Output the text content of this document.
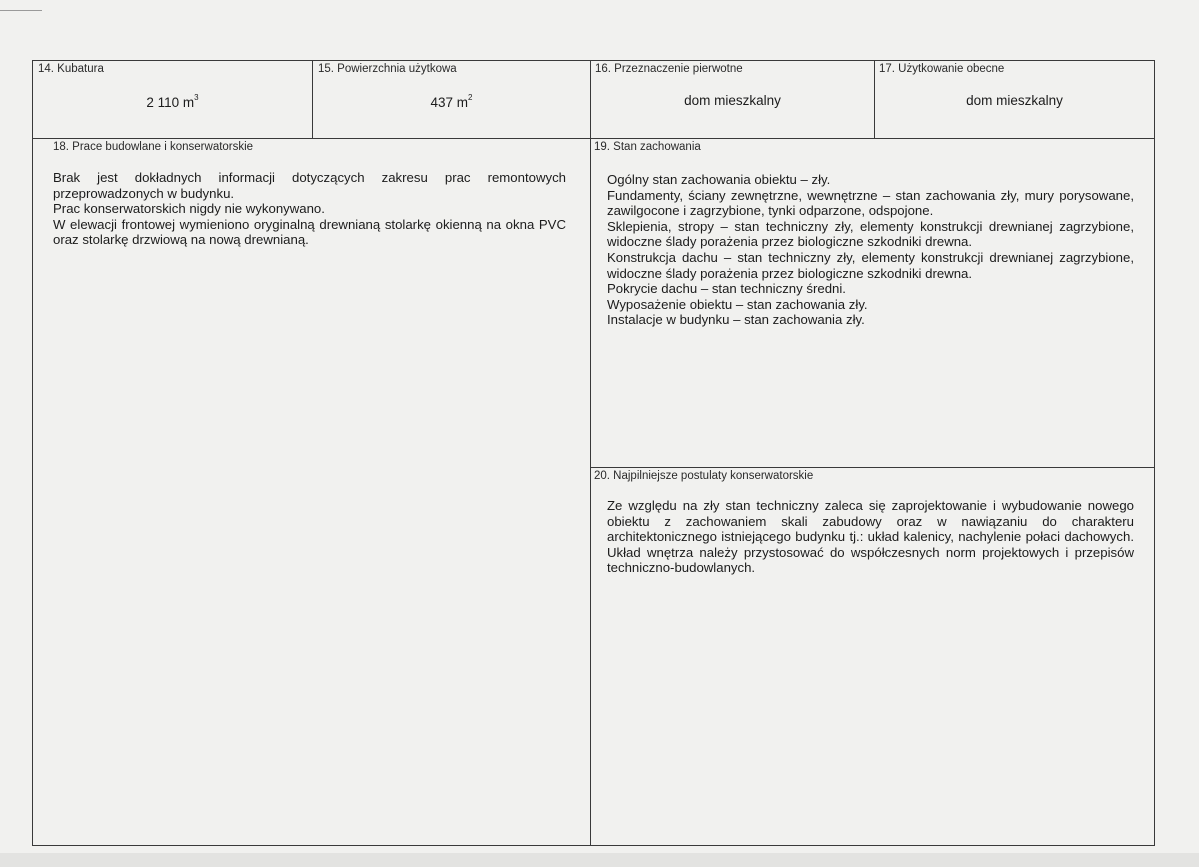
14. Kubatura
2 110 $m^3$
15. Powierzchnia użytkowa
437 $m^2$
16. Przeznaczenie pierwotne
dom mieszkalny
17. Użytkowanie obecne
dom mieszkalny
18. Prace budowlane i konserwatorskie

Brak jest dokładnych informacji dotyczących zakresu prac remontowych przeprowadzonych w budynku.

Prac konserwatorskich nigdy nie wykonywano.

W elewacji frontowej wymieniono oryginalną drewnianą stolarkę okienną na okna PVC oraz stolarkę drzwiową na nową drewnianą.

19. Stan zachowania

Ogólny stan zachowania obiektu – zły.

Fundamenty, ściany zewnętrzne, wewnętrzne – stan zachowania zły, mury porysowane, zawilgocone i zagrzybione, tynki odparzone, odspojone.

Sklepienia, stropy – stan techniczny zły, elementy konstrukcji drewnianej zagrzybione, widoczne ślady porażenia przez biologiczne szkodniki drewna.

Konstrukcja dachu – stan techniczny zły, elementy konstrukcji drewnianej zagrzybione, widoczne ślady porażenia przez biologiczne szkodniki drewna.

Pokrycie dachu – stan techniczny średni.

Wyposażenie obiektu – stan zachowania zły.

Instalacje w budynku – stan zachowania zły.

20. Najpilniejsze postulaty konserwatorskie

Ze względu na zły stan techniczny zaleca się zaprojektowanie i wybudowanie nowego obiektu z zachowaniem skali zabudowy oraz w nawiązaniu do charakteru architektonicznego istniejącego budynku tj.: układ kalenicy, nachylenie połaci dachowych. Układ wnętrza należy przystosować do współczesnych norm projektowych i przepisów techniczno-budowlanych.
